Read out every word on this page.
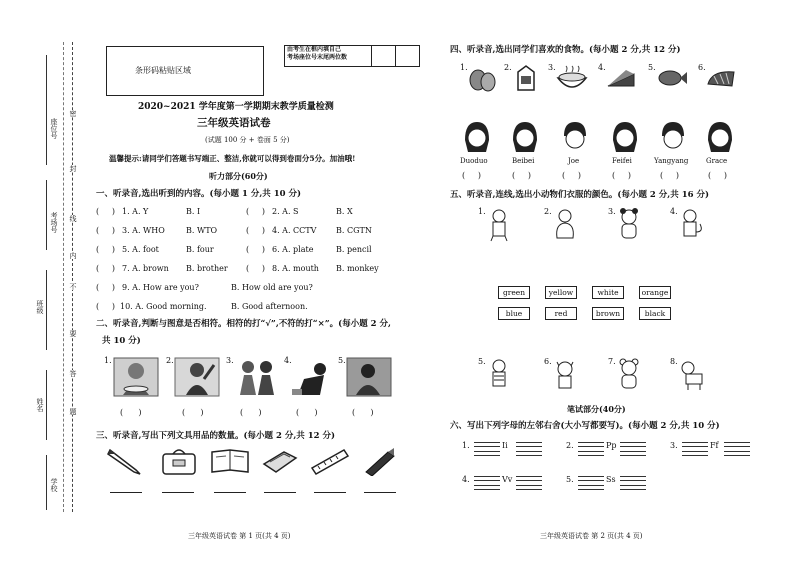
密
封
线
内
不
要
答
题
座位号
考场号
班级
姓名
学校
条形码粘贴区域
由考生在框内填自己
考场座位号末尾两位数
2020~2021 学年度第一学期期末教学质量检测
三年级英语试卷
(试题 100 分 + 卷面 5 分)
温馨提示:请同学们答题书写端正、整洁,你就可以得到卷面分5分。加油哦!
听力部分(60分)
一、听录音,选出听到的内容。(每小题 1 分,共 10 分)
(     ) 1. A. Y	B. I	(     ) 2. A. S	B. X
(     ) 3. A. WHO	B. WTO	(     ) 4. A. CCTV B. CGTN
(     ) 5. A. foot	B. four	(     ) 6. A. plate	B. pencil
(     ) 7. A. brown B. brother (     ) 8. A. mouth B. monkey
(     ) 9. A. How are you?	B. How old are you?
(     ) 10. A. Good morning.	B. Good afternoon.
二、听录音,判断与图意是否相符。相符的打“√”,不符的打“×”。(每小题 2 分,
共 10 分)
1.	2.	3.	4.	5.
(      )	(      )	(      )	(      )	(      )
三、听录音,写出下列文具用品的数量。(每小题 2 分,共 12 分)
三年级英语试卷 第 1 页(共 4 页)
四、听录音,选出同学们喜欢的食物。(每小题 2 分,共 12 分)
1.	2.	3.	4.	5.	6.
Duoduo	Beibei	Joe	Feifei	Yangyang	Grace
(     )	(     )	(     )	(     )	(     )	(     )
五、听录音,连线,选出小动物们衣服的颜色。(每小题 2 分,共 16 分)
1.	2.	3.	4.
green	yellow	white	orange
blue	red	brown	black
5.	6.	7.	8.
笔试部分(40分)
六、写出下列字母的左邻右舍(大小写都要写)。(每小题 2 分,共 10 分)
1.	Ii	2.	Pp	3.	Ff
4.	Vv	5.	Ss
三年级英语试卷 第 2 页(共 4 页)
